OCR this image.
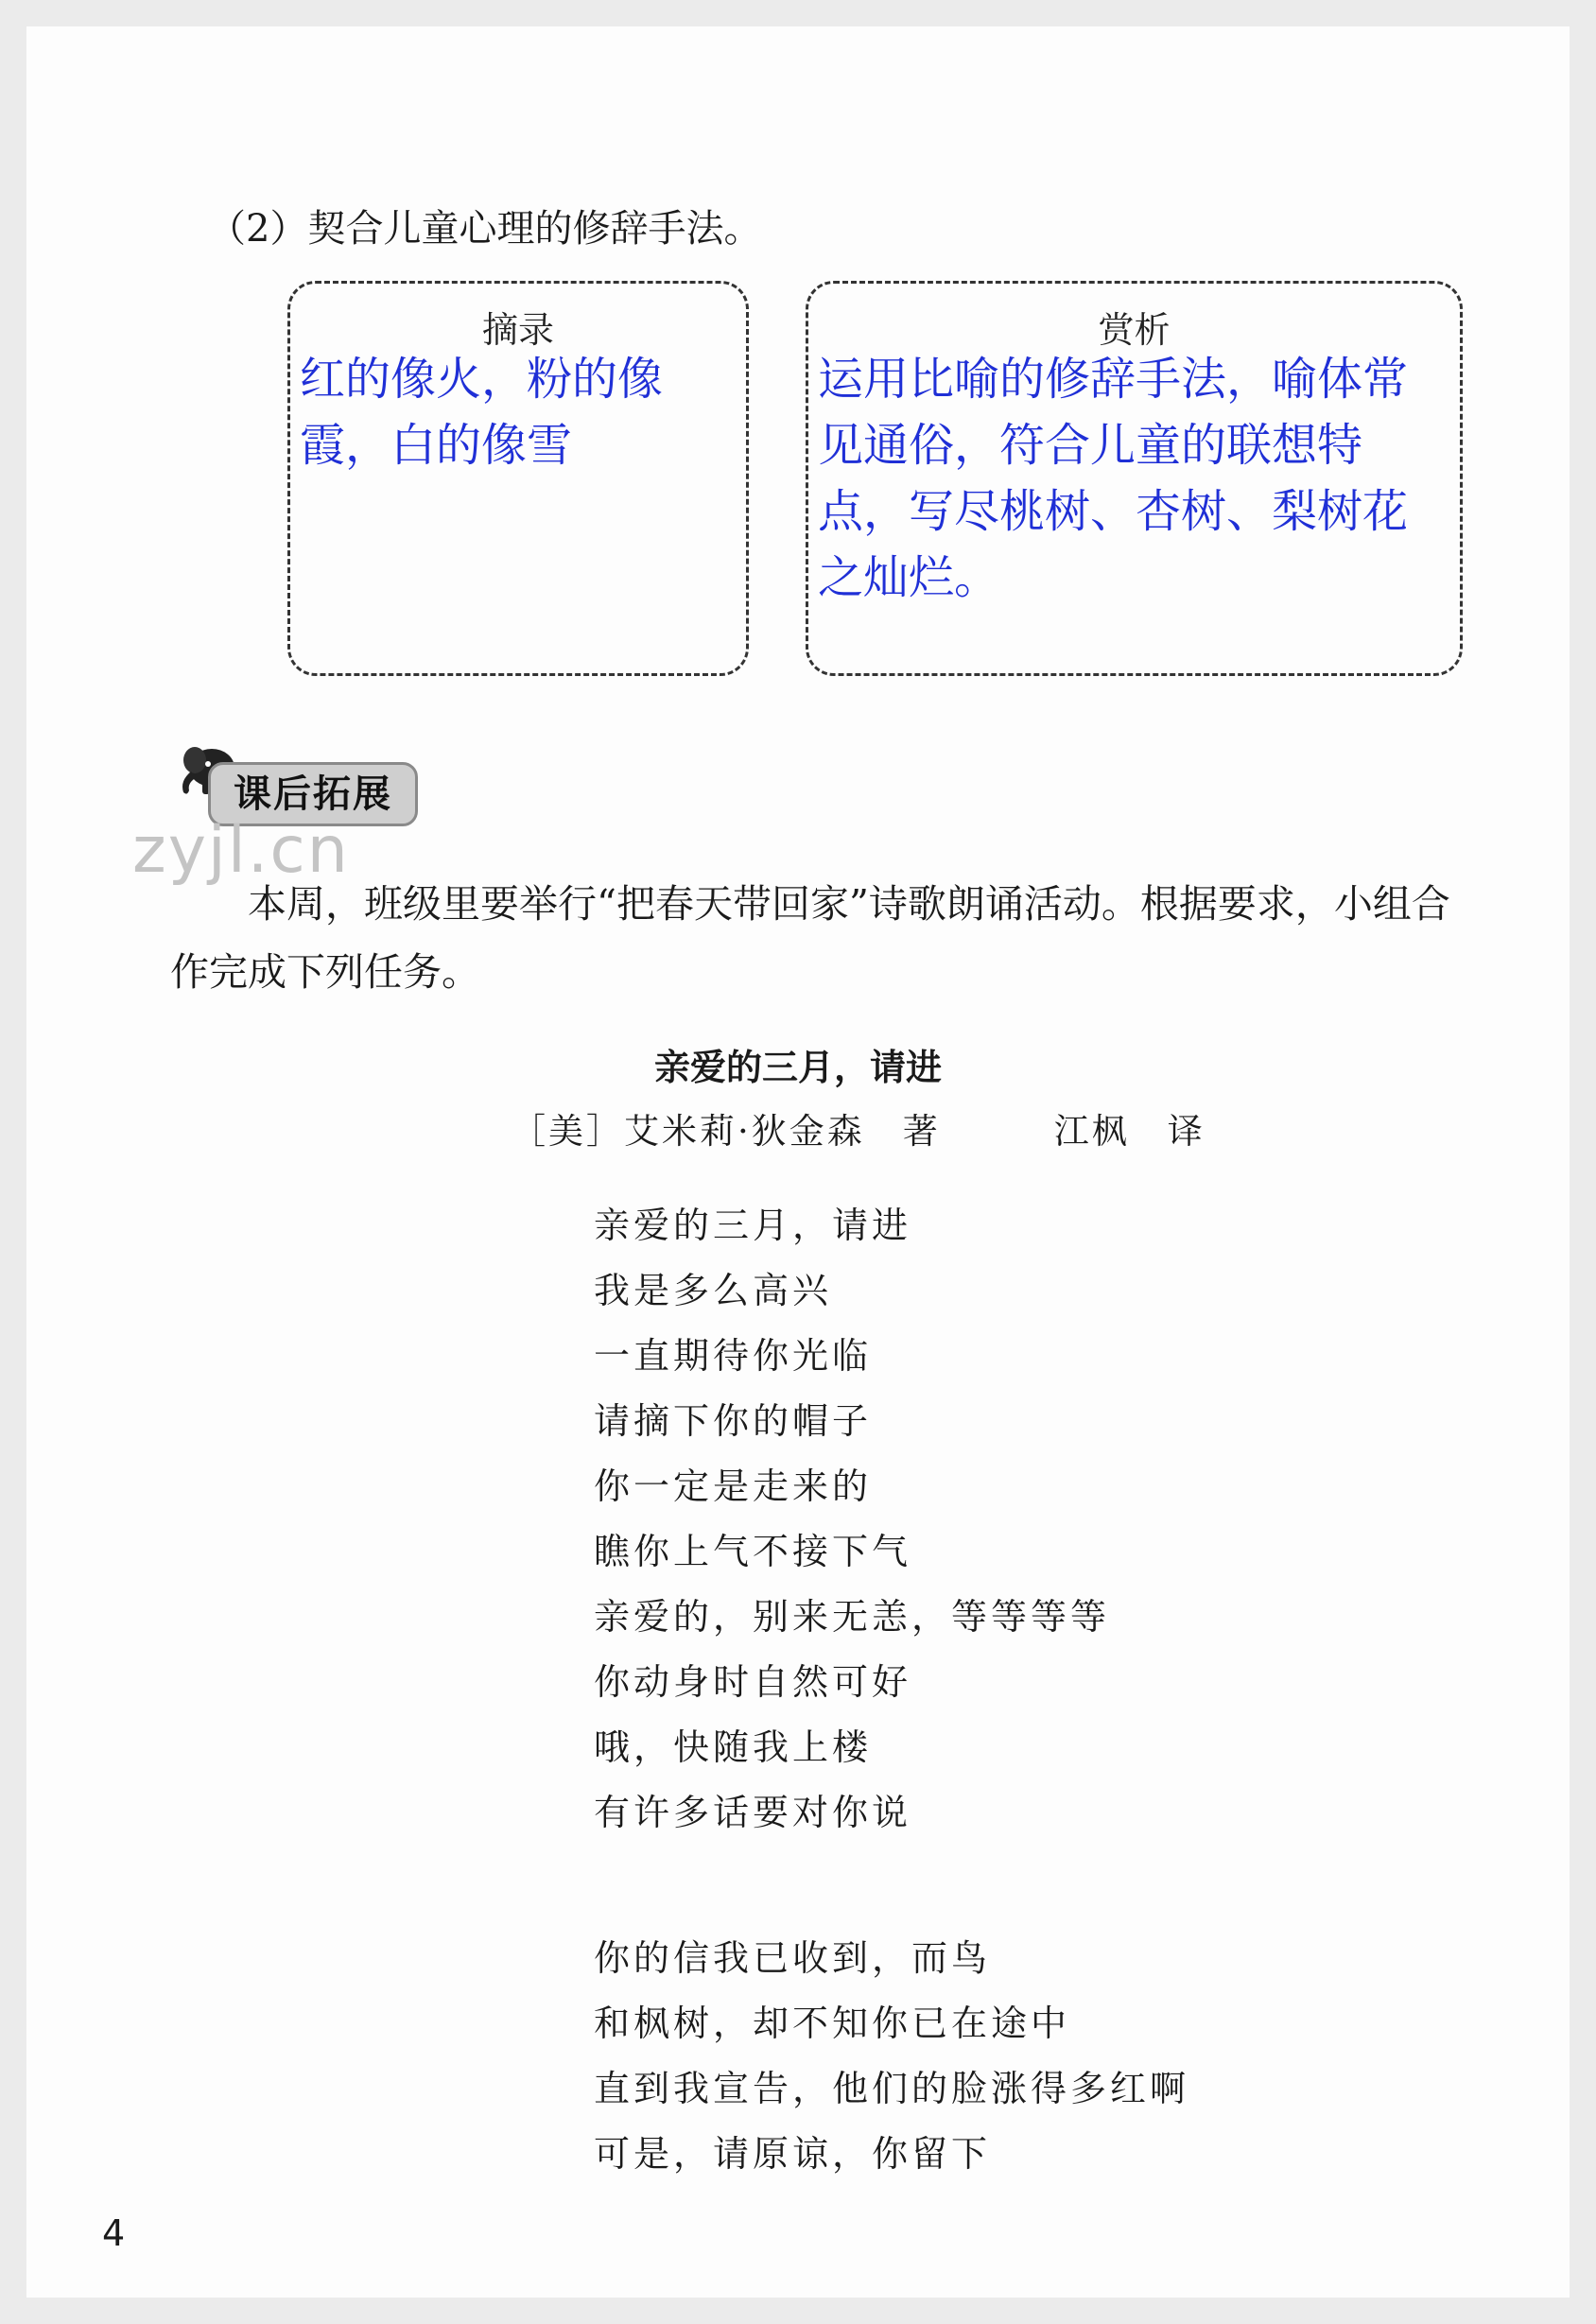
（2）契合儿童心理的修辞手法。
摘录
红的像火，粉的像霞，白的像雪
赏析
运用比喻的修辞手法，喻体常见通俗，符合儿童的联想特点，写尽桃树、杏树、梨树花之灿烂。
课后拓展
zyjl.cn
本周，班级里要举行“把春天带回家”诗歌朗诵活动。根据要求，小组合作完成下列任务。
亲爱的三月，请进
［美］艾米莉·狄金森　著　　　江枫　译
亲爱的三月，请进
我是多么高兴
一直期待你光临
请摘下你的帽子
你一定是走来的
瞧你上气不接下气
亲爱的，别来无恙，等等等等
你动身时自然可好
哦，快随我上楼
有许多话要对你说
你的信我已收到，而鸟
和枫树，却不知你已在途中
直到我宣告，他们的脸涨得多红啊
可是，请原谅，你留下
4
